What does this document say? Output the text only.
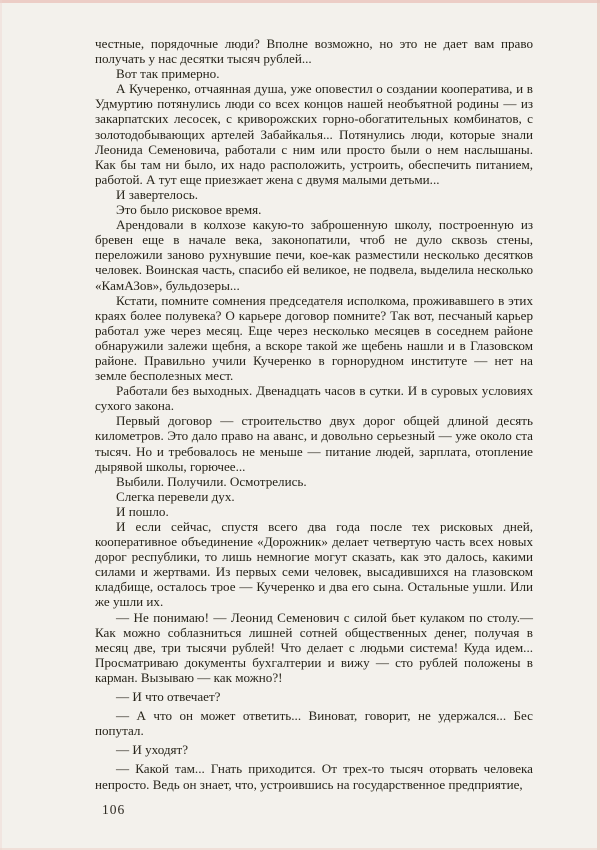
честные, порядочные люди? Вполне возможно, но это не дает вам право получать у нас десятки тысяч рублей...

Вот так примерно.

А Кучеренко, отчаянная душа, уже оповестил о создании кооператива, и в Удмуртию потянулись люди со всех концов нашей необъятной родины — из закарпатских лесосек, с криворожских горно-обогатительных комбинатов, с золотодобывающих артелей Забайкалья... Потянулись люди, которые знали Леонида Семеновича, работали с ним или просто были о нем наслышаны. Как бы там ни было, их надо расположить, устроить, обеспечить питанием, работой. А тут еще приезжает жена с двумя малыми детьми...

И завертелось.

Это было рисковое время.

Арендовали в колхозе какую-то заброшенную школу, построенную из бревен еще в начале века, законопатили, чтоб не дуло сквозь стены, переложили заново рухнувшие печи, кое-как разместили несколько десятков человек. Воинская часть, спасибо ей великое, не подвела, выделила несколько «КамАЗов», бульдозеры...

Кстати, помните сомнения председателя исполкома, проживавшего в этих краях более полувека? О карьере договор помните? Так вот, песчаный карьер работал уже через месяц. Еще через несколько месяцев в соседнем районе обнаружили залежи щебня, а вскоре такой же щебень нашли и в Глазовском районе. Правильно учили Кучеренко в горнорудном институте — нет на земле бесполезных мест.

Работали без выходных. Двенадцать часов в сутки. И в суровых условиях сухого закона.

Первый договор — строительство двух дорог общей длиной десять километров. Это дало право на аванс, и довольно серьезный — уже около ста тысяч. Но и требовалось не меньше — питание людей, зарплата, отопление дырявой школы, горючее...

Выбили. Получили. Осмотрелись.

Слегка перевели дух.

И пошло.

И если сейчас, спустя всего два года после тех рисковых дней, кооперативное объединение «Дорожник» делает четвертую часть всех новых дорог республики, то лишь немногие могут сказать, как это далось, какими силами и жертвами. Из первых семи человек, высадившихся на глазовском кладбище, осталось трое — Кучеренко и два его сына. Остальные ушли. Или же ушли их.

— Не понимаю! — Леонид Семенович с силой бьет кулаком по столу.— Как можно соблазниться лишней сотней общественных денег, получая в месяц две, три тысячи рублей! Что делает с людьми система! Куда идем... Просматриваю документы бухгалтерии и вижу — сто рублей положены в карман. Вызываю — как можно?!

— И что отвечает?

— А что он может ответить... Виноват, говорит, не удержался... Бес попутал.

— И уходят?

— Какой там... Гнать приходится. От трех-то тысяч оторвать человека непросто. Ведь он знает, что, устроившись на государственное предприятие,

106
